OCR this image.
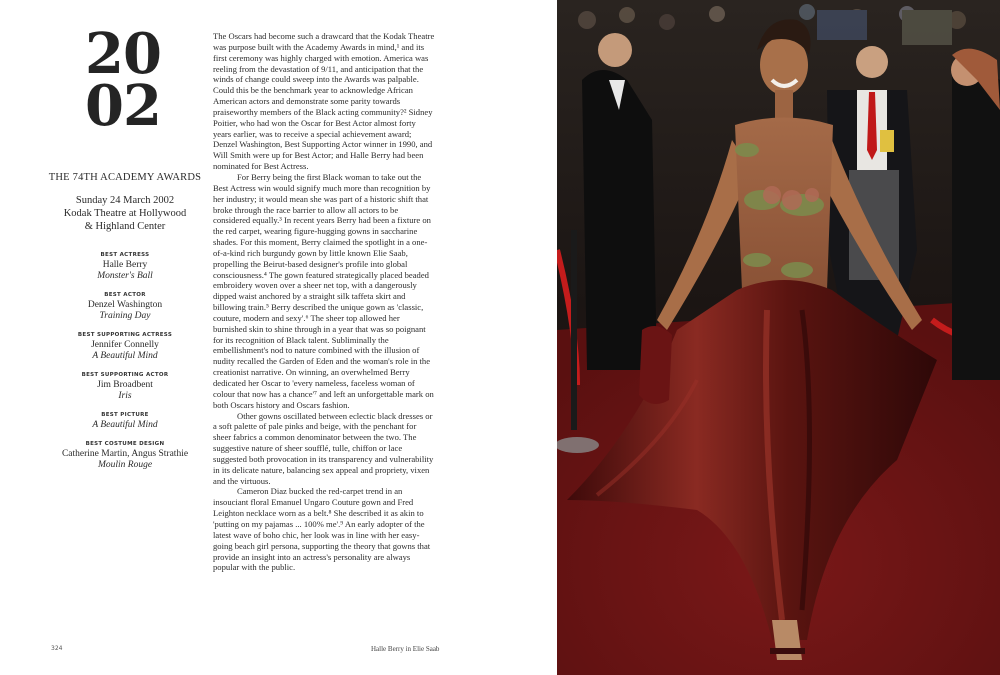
20
02
THE 74TH ACADEMY AWARDS
Sunday 24 March 2002
Kodak Theatre at Hollywood
& Highland Center
BEST ACTRESS
Halle Berry
Monster's Ball
BEST ACTOR
Denzel Washington
Training Day
BEST SUPPORTING ACTRESS
Jennifer Connelly
A Beautiful Mind
BEST SUPPORTING ACTOR
Jim Broadbent
Iris
BEST PICTURE
A Beautiful Mind
BEST COSTUME DESIGN
Catherine Martin, Angus Strathie
Moulin Rouge

The Oscars had become such a drawcard that the Kodak Theatre was purpose built with the Academy Awards in mind,¹ and its first ceremony was highly charged with emotion. America was reeling from the devastation of 9/11, and anticipation that the winds of change could sweep into the Awards was palpable. Could this be the benchmark year to acknowledge African American actors and demonstrate some parity towards praiseworthy members of the Black acting community?² Sidney Poitier, who had won the Oscar for Best Actor almost forty years earlier, was to receive a special achievement award; Denzel Washington, Best Supporting Actor winner in 1990, and Will Smith were up for Best Actor; and Halle Berry had been nominated for Best Actress.

For Berry being the first Black woman to take out the Best Actress win would signify much more than recognition by her industry; it would mean she was part of a historic shift that broke through the race barrier to allow all actors to be considered equally.³ In recent years Berry had been a fixture on the red carpet, wearing figure-hugging gowns in saccharine shades. For this moment, Berry claimed the spotlight in a one-of-a-kind rich burgundy gown by little known Elie Saab, propelling the Beirut-based designer's profile into global consciousness.⁴ The gown featured strategically placed beaded embroidery woven over a sheer net top, with a dangerously dipped waist anchored by a straight silk taffeta skirt and billowing train.⁵ Berry described the unique gown as 'classic, couture, modern and sexy'.⁶ The sheer top allowed her burnished skin to shine through in a year that was so poignant for its recognition of Black talent. Subliminally the embellishment's nod to nature combined with the illusion of nudity recalled the Garden of Eden and the woman's role in the creationist narrative. On winning, an overwhelmed Berry dedicated her Oscar to 'every nameless, faceless woman of colour that now has a chance'⁷ and left an unforgettable mark on both Oscars history and Oscars fashion.

Other gowns oscillated between eclectic black dresses or a soft palette of pale pinks and beige, with the penchant for sheer fabrics a common denominator between the two. The suggestive nature of sheer soufflé, tulle, chiffon or lace suggested both provocation in its transparency and vulnerability in its delicate nature, balancing sex appeal and propriety, vixen and the virtuous.

Cameron Diaz bucked the red-carpet trend in an insouciant floral Emanuel Ungaro Couture gown and Fred Leighton necklace worn as a belt.⁸ She described it as akin to 'putting on my pajamas ... 100% me'.⁹ An early adopter of the latest wave of boho chic, her look was in line with her easy-going beach girl persona, supporting the theory that gowns that provide an insight into an actress's personality are always popular with the public.

324	Halle Berry in Elie Saab
